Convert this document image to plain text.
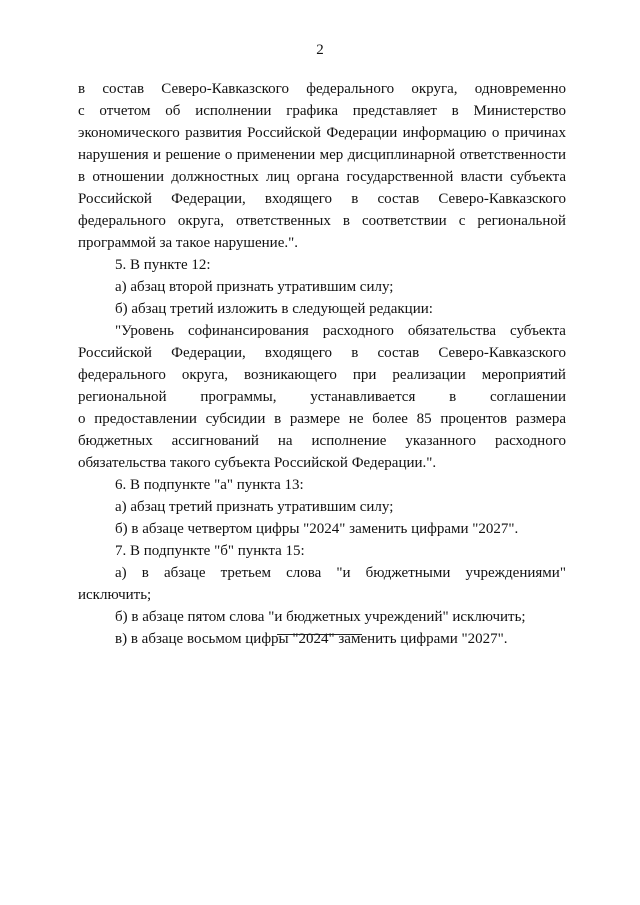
2
в состав Северо-Кавказского федерального округа, одновременно
с отчетом об исполнении графика представляет в Министерство
экономического развития Российской Федерации информацию о причинах
нарушения и решение о применении мер дисциплинарной ответственности
в отношении должностных лиц органа государственной власти субъекта
Российской Федерации, входящего в состав Северо-Кавказского
федерального округа, ответственных в соответствии с региональной
программой за такое нарушение.".
5. В пункте 12:
а) абзац второй признать утратившим силу;
б) абзац третий изложить в следующей редакции:
"Уровень софинансирования расходного обязательства субъекта
Российской Федерации, входящего в состав Северо-Кавказского
федерального округа, возникающего при реализации мероприятий
региональной программы, устанавливается в соглашении
о предоставлении субсидии в размере не более 85 процентов размера
бюджетных ассигнований на исполнение указанного расходного
обязательства такого субъекта Российской Федерации.".
6. В подпункте "а" пункта 13:
а) абзац третий признать утратившим силу;
б) в абзаце четвертом цифры "2024" заменить цифрами "2027".
7. В подпункте "б" пункта 15:
а) в абзаце третьем слова "и бюджетными учреждениями"
исключить;
б) в абзаце пятом слова "и бюджетных учреждений" исключить;
в) в абзаце восьмом цифры "2024" заменить цифрами "2027".
